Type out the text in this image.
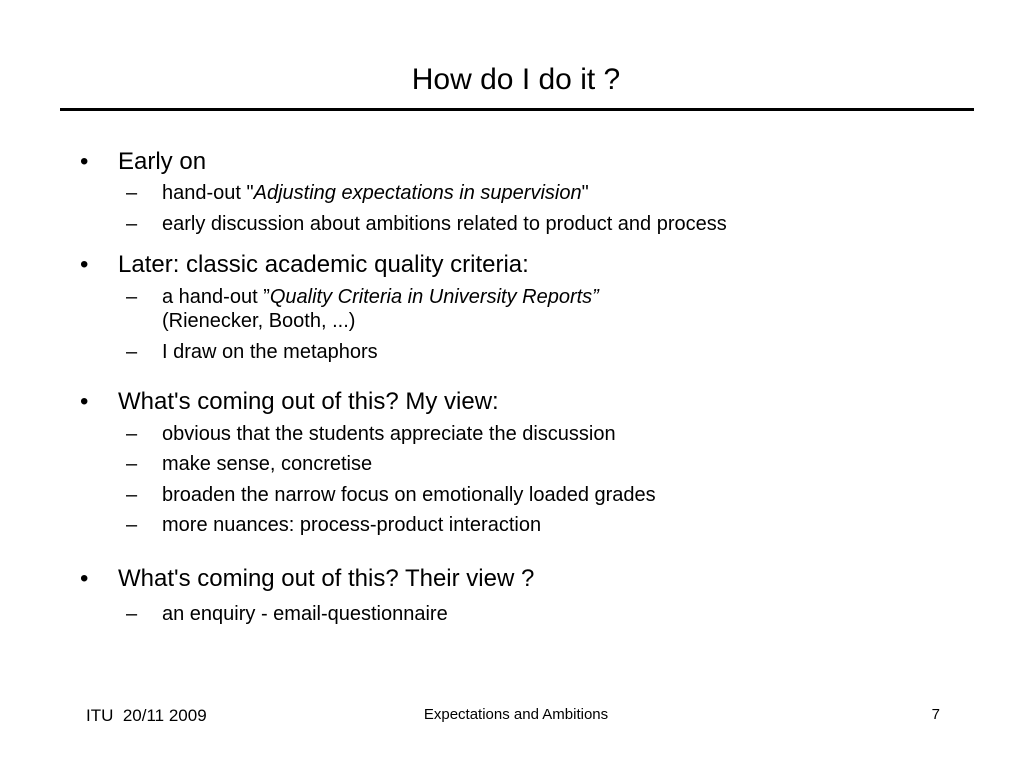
How do I do it ?
• Early on
– hand-out "Adjusting expectations in supervision"
– early discussion about ambitions related to product and process
• Later: classic academic quality criteria:
– a hand-out ”Quality Criteria in University Reports”
(Rienecker, Booth, ...)
– I draw on the metaphors
• What's coming out of this? My view:
– obvious that the students appreciate the discussion
– make sense, concretise
– broaden the narrow focus on emotionally loaded grades
– more nuances: process-product interaction
• What's coming out of this? Their view ?
– an enquiry - email-questionnaire
ITU  20/11 2009	Expectations and Ambitions	7
